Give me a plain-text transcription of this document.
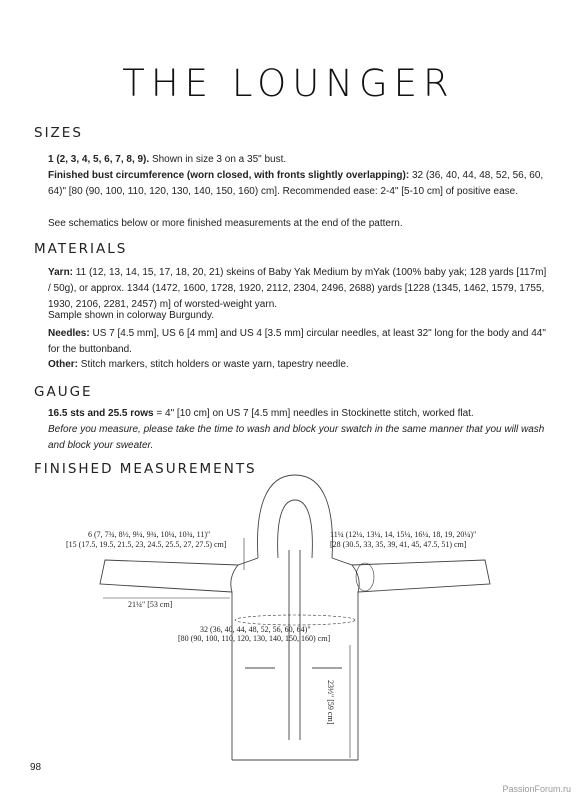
THE LOUNGER
SIZES
1 (2, 3, 4, 5, 6, 7, 8, 9). Shown in size 3 on a 35" bust.
Finished bust circumference (worn closed, with fronts slightly overlapping): 32 (36, 40, 44, 48, 52, 56, 60, 64)" [80 (90, 100, 110, 120, 130, 140, 150, 160) cm]. Recommended ease: 2-4" [5-10 cm] of positive ease.
See schematics below or more finished measurements at the end of the pattern.
MATERIALS
Yarn: 11 (12, 13, 14, 15, 17, 18, 20, 21) skeins of Baby Yak Medium by mYak (100% baby yak; 128 yards [117m] / 50g), or approx. 1344 (1472, 1600, 1728, 1920, 2112, 2304, 2496, 2688) yards [1228 (1345, 1462, 1579, 1755, 1930, 2106, 2281, 2457) m] of worsted-weight yarn.
Sample shown in colorway Burgundy.
Needles: US 7 [4.5 mm], US 6 [4 mm] and US 4 [3.5 mm] circular needles, at least 32" long for the body and 44" for the buttonband.
Other: Stitch markers, stitch holders or waste yarn, tapestry needle.
GAUGE
16.5 sts and 25.5 rows = 4" [10 cm] on US 7 [4.5 mm] needles in Stockinette stitch, worked flat.
Before you measure, please take the time to wash and block your swatch in the same manner that you will wash and block your sweater.
FINISHED MEASUREMENTS
6 (7, 7¾, 8½, 9¼, 9¾, 10¼, 10¾, 11)"
[15 (17.5, 19.5, 21.5, 23, 24.5, 25.5, 27, 27.5) cm]
11¼ (12¼, 13¼, 14, 15¼, 16¼, 18, 19, 20¼)"
[28 (30.5, 33, 35, 39, 41, 45, 47.5, 51) cm]
21¼" [53 cm]
32 (36, 40, 44, 48, 52, 56, 60, 64)"
[80 (90, 100, 110, 120, 130, 140, 150, 160) cm]
23½" [59 cm]
98
PassionForum.ru
